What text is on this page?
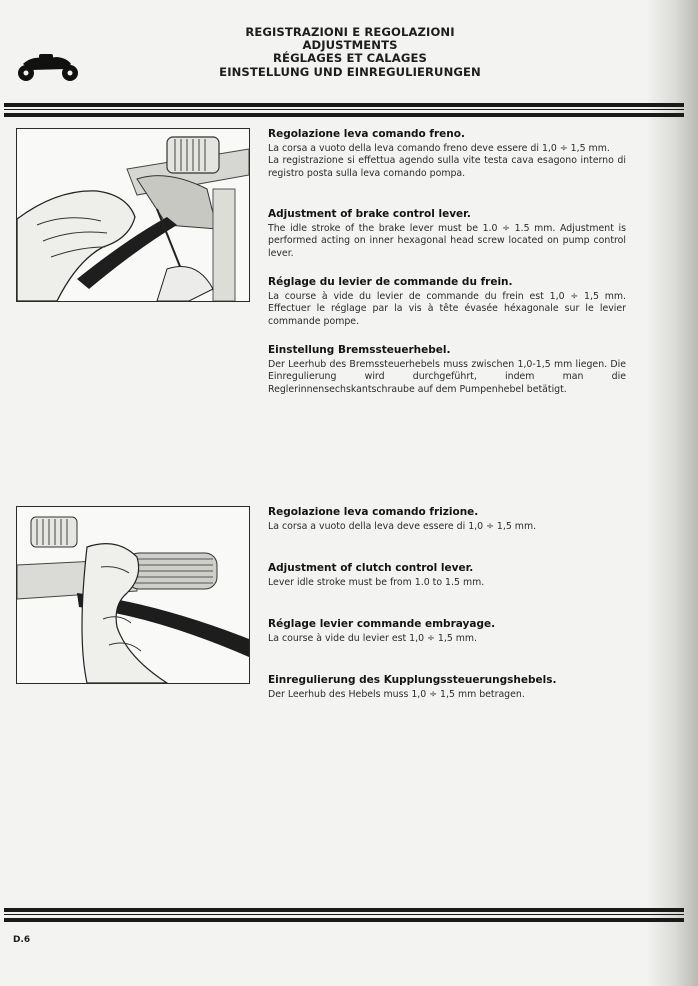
REGISTRAZIONI E REGOLAZIONI
ADJUSTMENTS
RÉGLAGES ET CALAGES
EINSTELLUNG UND EINREGULIERUNGEN
Regolazione leva comando freno.

La corsa a vuoto della leva comando freno deve essere di 1,0 ÷ 1,5 mm.

La registrazione si effettua agendo sulla vite testa cava esagono interno di registro posta sulla leva comando pompa.

Adjustment of brake control lever.

The idle stroke of the brake lever must be 1.0 ÷ 1.5 mm. Adjustment is performed acting on inner hexagonal head screw located on pump control lever.

Réglage du levier de commande du frein.

La course à vide du levier de commande du frein est 1,0 ÷ 1,5 mm. Effectuer le réglage par la vis à tête évasée héxagonale sur le levier commande pompe.

Einstellung Bremssteuerhebel.

Der Leerhub des Bremssteuerhebels muss zwischen 1,0-1,5 mm liegen. Die Einregulierung wird durchgeführt, indem man die Reglerinnensechskantschraube auf dem Pumpenhebel betätigt.

Regolazione leva comando frizione.

La corsa a vuoto della leva deve essere di 1,0 ÷ 1,5 mm.

Adjustment of clutch control lever.

Lever idle stroke must be from 1.0 to 1.5 mm.

Réglage levier commande embrayage.

La course à vide du levier est 1,0 ÷ 1,5 mm.

Einregulierung des Kupplungssteuerungshebels.

Der Leerhub des Hebels muss 1,0 ÷ 1,5 mm betragen.

D.6
